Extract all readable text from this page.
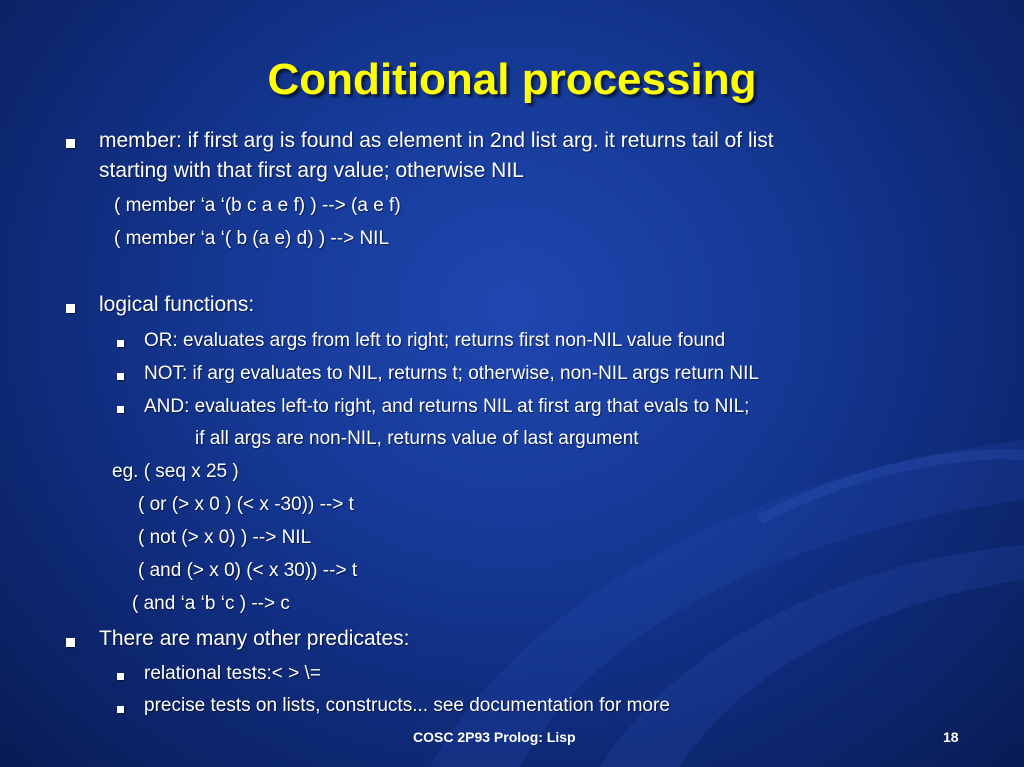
Conditional processing
member: if first arg is found as element in 2nd list arg. it returns tail of list
starting with that first arg value; otherwise NIL
( member ‘a ‘(b c a e f) ) --> (a e f)
( member ‘a ‘( b (a e) d) ) --> NIL
logical functions:
OR: evaluates args from left to right; returns first non-NIL value found
NOT: if arg evaluates to NIL, returns t; otherwise, non-NIL args return NIL
AND: evaluates left-to right, and returns NIL at first arg that evals to NIL;
if all args are non-NIL, returns value of last argument
eg. ( seq x 25 )
( or (> x 0 ) (< x -30)) --> t
( not (> x 0) ) --> NIL
( and (> x 0) (< x 30)) --> t
( and ‘a ‘b ‘c ) --> c
There are many other predicates:
relational tests:< > \=
precise tests on lists, constructs... see documentation for more
COSC 2P93 Prolog: Lisp	18
